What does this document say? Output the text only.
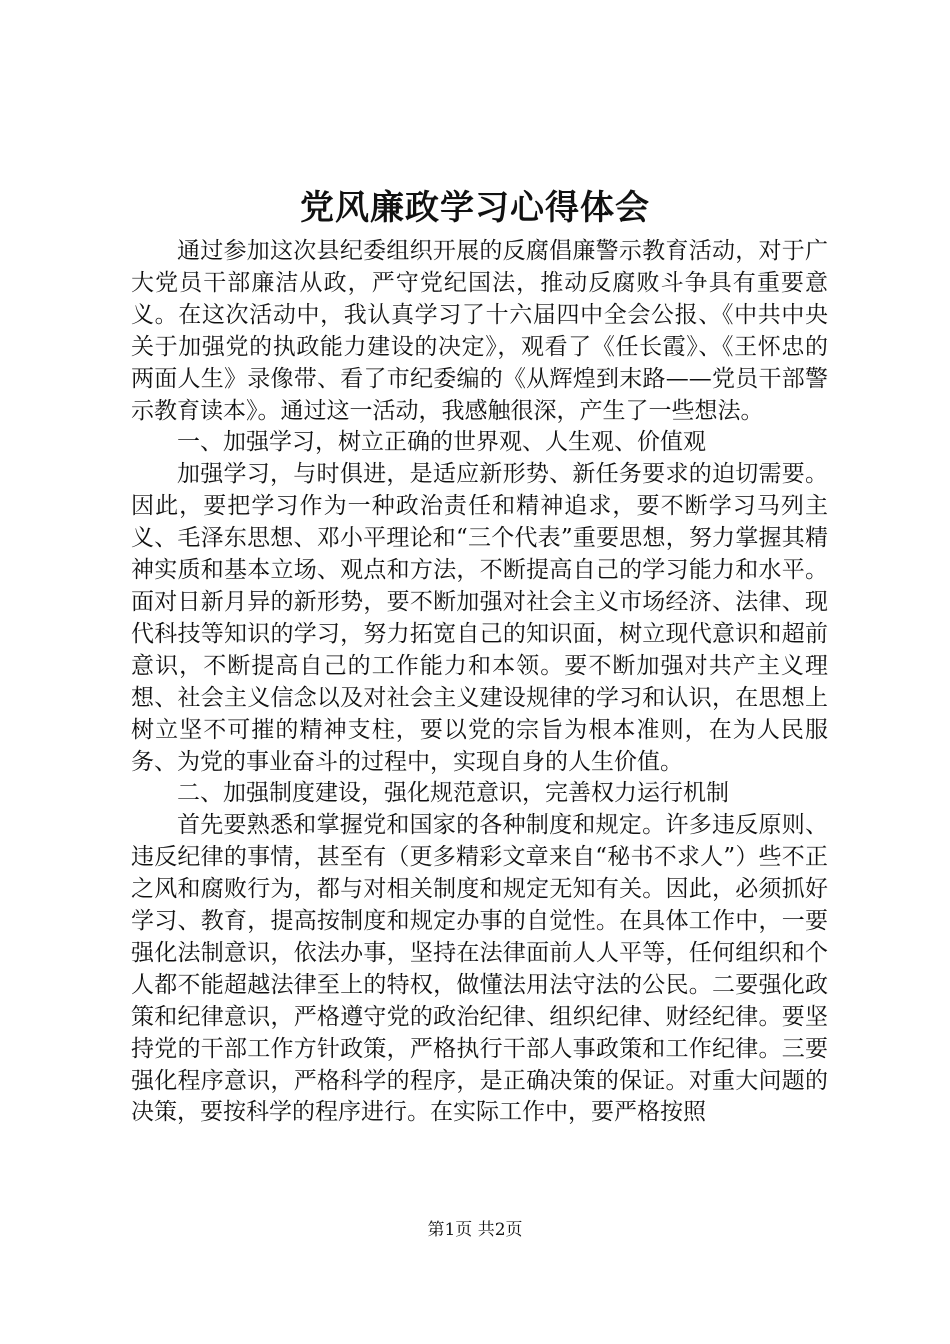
党风廉政学习心得体会

通过参加这次县纪委组织开展的反腐倡廉警示教育活动，对于广大党员干部廉洁从政，严守党纪国法，推动反腐败斗争具有重要意义。在这次活动中，我认真学习了十六届四中全会公报、《中共中央关于加强党的执政能力建设的决定》，观看了《任长霞》、《王怀忠的两面人生》录像带、看了市纪委编的《从辉煌到末路——党员干部警示教育读本》。通过这一活动，我感触很深，产生了一些想法。

一、加强学习，树立正确的世界观、人生观、价值观

加强学习，与时俱进，是适应新形势、新任务要求的迫切需要。因此，要把学习作为一种政治责任和精神追求，要不断学习马列主义、毛泽东思想、邓小平理论和“三个代表”重要思想，努力掌握其精神实质和基本立场、观点和方法，不断提高自己的学习能力和水平。面对日新月异的新形势，要不断加强对社会主义市场经济、法律、现代科技等知识的学习，努力拓宽自己的知识面，树立现代意识和超前意识，不断提高自己的工作能力和本领。要不断加强对共产主义理想、社会主义信念以及对社会主义建设规律的学习和认识，在思想上树立坚不可摧的精神支柱，要以党的宗旨为根本准则，在为人民服务、为党的事业奋斗的过程中，实现自身的人生价值。

二、加强制度建设，强化规范意识，完善权力运行机制

首先要熟悉和掌握党和国家的各种制度和规定。许多违反原则、违反纪律的事情，甚至有（更多精彩文章来自“秘书不求人”）些不正之风和腐败行为，都与对相关制度和规定无知有关。因此，必须抓好学习、教育，提高按制度和规定办事的自觉性。在具体工作中，一要强化法制意识，依法办事，坚持在法律面前人人平等，任何组织和个人都不能超越法律至上的特权，做懂法用法守法的公民。二要强化政策和纪律意识，严格遵守党的政治纪律、组织纪律、财经纪律。要坚持党的干部工作方针政策，严格执行干部人事政策和工作纪律。三要强化程序意识，严格科学的程序，是正确决策的保证。对重大问题的决策，要按科学的程序进行。在实际工作中，要严格按照

第1页 共2页
